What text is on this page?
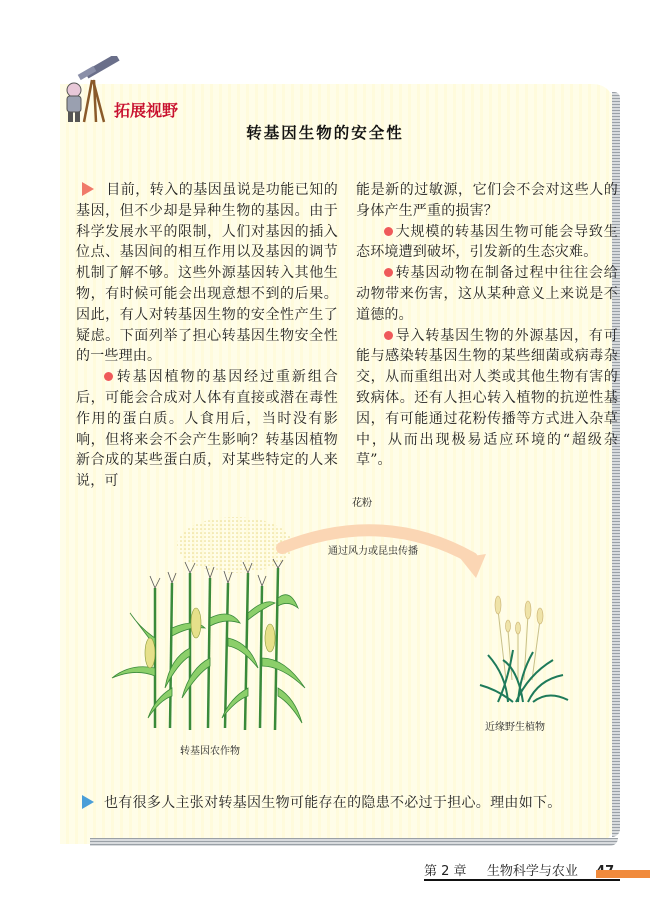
拓展视野
转基因生物的安全性

目前，转入的基因虽说是功能已知的基因，但不少却是异种生物的基因。由于科学发展水平的限制，人们对基因的插入位点、基因间的相互作用以及基因的调节机制了解不够。这些外源基因转入其他生物，有时候可能会出现意想不到的后果。因此，有人对转基因生物的安全性产生了疑虑。下面列举了担心转基因生物安全性的一些理由。

转基因植物的基因经过重新组合后，可能会合成对人体有直接或潜在毒性作用的蛋白质。人食用后，当时没有影响，但将来会不会产生影响？转基因植物新合成的某些蛋白质，对某些特定的人来说，可

能是新的过敏源，它们会不会对这些人的身体产生严重的损害？

大规模的转基因生物可能会导致生态环境遭到破坏，引发新的生态灾难。

转基因动物在制备过程中往往会给动物带来伤害，这从某种意义上来说是不道德的。

导入转基因生物的外源基因，有可能与感染转基因生物的某些细菌或病毒杂交，从而重组出对人类或其他生物有害的致病体。还有人担心转入植物的抗逆性基因，有可能通过花粉传播等方式进入杂草中，从而出现极易适应环境的“超级杂草”。

花粉
通过风力或昆虫传播
转基因农作物
近缘野生植物
也有很多人主张对转基因生物可能存在的隐患不必过于担心。理由如下。
第 2 章 生物科学与农业
